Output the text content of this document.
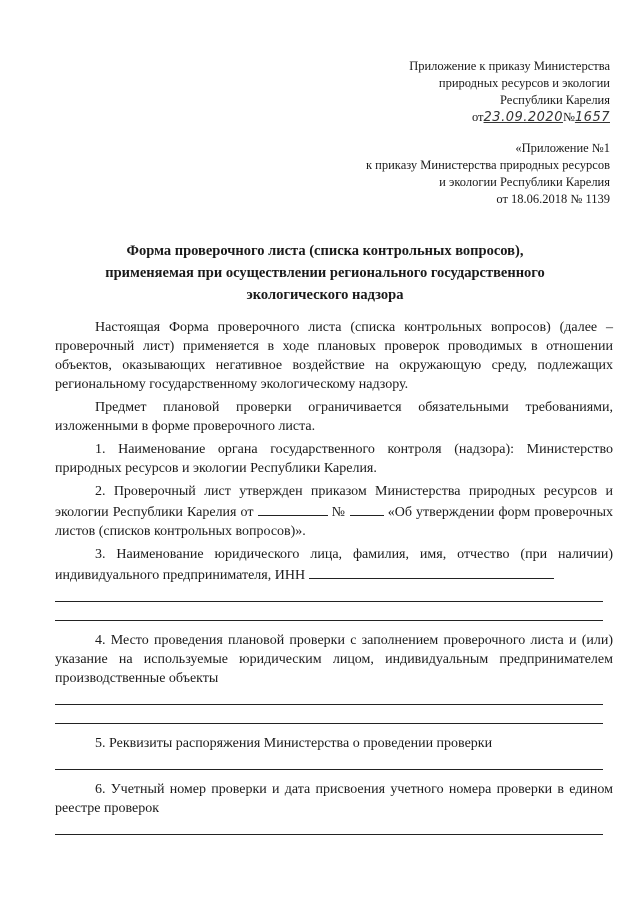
Приложение к приказу Министерства
природных ресурсов и экологии
Республики Карелия
от23.09.2020№1657
«Приложение №1
к приказу Министерства природных ресурсов
и экологии Республики Карелия
от 18.06.2018 № 1139
Форма проверочного листа (списка контрольных вопросов),
применяемая при осуществлении регионального государственного
экологического надзора

Настоящая Форма проверочного листа (списка контрольных вопросов) (далее – проверочный лист) применяется в ходе плановых проверок проводимых в отношении объектов, оказывающих негативное воздействие на окружающую среду, подлежащих региональному государственному экологическому надзору.

Предмет плановой проверки ограничивается обязательными требованиями, изложенными в форме проверочного листа.

1. Наименование органа государственного контроля (надзора): Министерство природных ресурсов и экологии Республики Карелия.

2. Проверочный лист утвержден приказом Министерства природных ресурсов и экологии Республики Карелия от	№	«Об утверждении форм проверочных листов (списков контрольных вопросов)».

3. Наименование юридического лица, фамилия, имя, отчество (при наличии) индивидуального предпринимателя, ИНН

4. Место проведения плановой проверки с заполнением проверочного листа и (или) указание на используемые юридическим лицом, индивидуальным предпринимателем производственные объекты

5. Реквизиты распоряжения Министерства о проведении проверки

6. Учетный номер проверки и дата присвоения учетного номера проверки в едином реестре проверок
